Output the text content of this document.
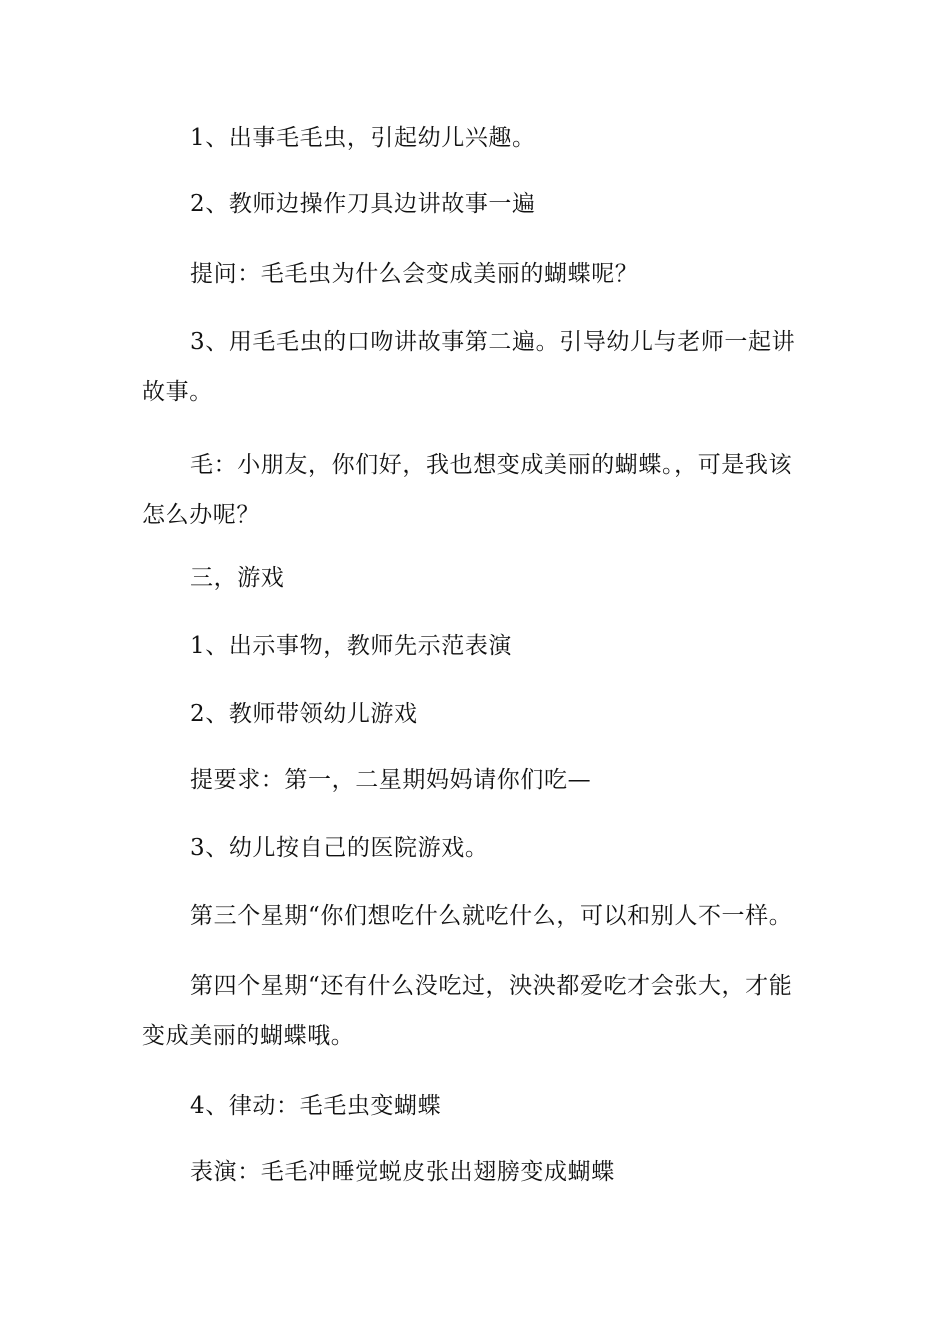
1、出事毛毛虫，引起幼儿兴趣。

2、教师边操作刀具边讲故事一遍

提问：毛毛虫为什么会变成美丽的蝴蝶呢？

3、用毛毛虫的口吻讲故事第二遍。引导幼儿与老师一起讲故事。

毛：小朋友，你们好，我也想变成美丽的蝴蝶。，可是我该怎么办呢？

三，游戏

1、出示事物，教师先示范表演

2、教师带领幼儿游戏

提要求：第一，二星期妈妈请你们吃—

3、幼儿按自己的医院游戏。

第三个星期“你们想吃什么就吃什么，可以和别人不一样。

第四个星期“还有什么没吃过，泱泱都爱吃才会张大，才能变成美丽的蝴蝶哦。

4、律动：毛毛虫变蝴蝶

表演：毛毛冲睡觉蜕皮张出翅膀变成蝴蝶
